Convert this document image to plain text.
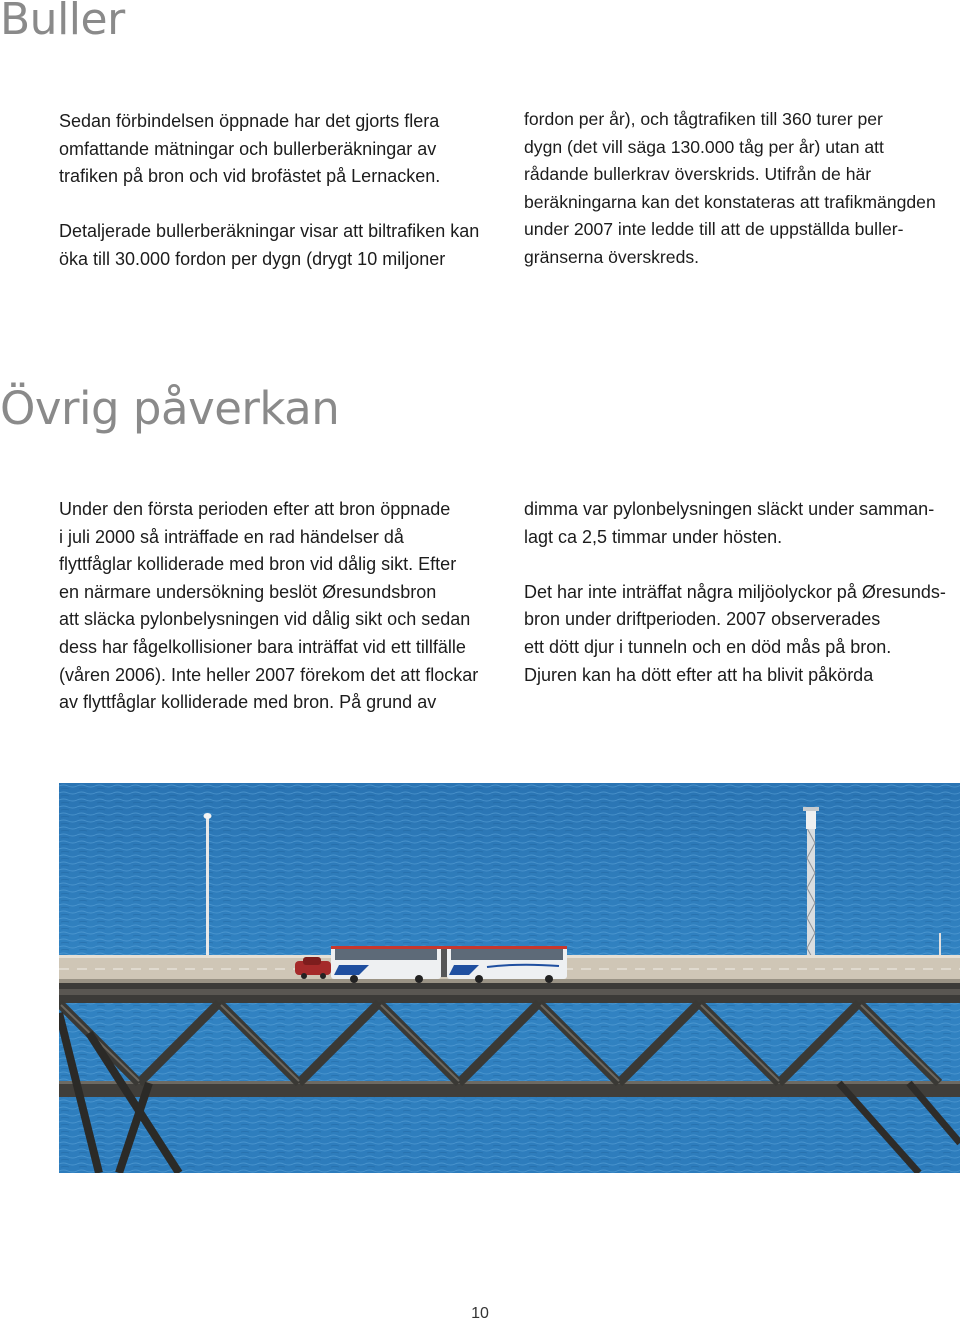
Buller
Sedan förbindelsen öppnade har det gjorts flera
omfattande mätningar och bullerberäkningar av
trafiken på bron och vid brofästet på Lernacken.

Detaljerade bullerberäkningar visar att biltrafiken kan
öka till 30.000 fordon per dygn (drygt 10 miljoner
fordon per år), och tågtrafiken till 360 turer per
dygn (det vill säga 130.000 tåg per år) utan att
rådande bullerkrav överskrids. Utifrån de här
beräkningarna kan det konstateras att trafikmängden
under 2007 inte ledde till att de uppställda buller-
gränserna överskreds.
Övrig påverkan
Under den första perioden efter att bron öppnade
i juli 2000 så inträffade en rad händelser då
flyttfåglar kolliderade med bron vid dålig sikt. Efter
en närmare undersökning beslöt Øresundsbron
att släcka pylonbelysningen vid dålig sikt och sedan
dess har fågelkollisioner bara inträffat vid ett tillfälle
(våren 2006). Inte heller 2007 förekom det att flockar
av flyttfåglar kolliderade med bron. På grund av
dimma var pylonbelysningen släckt under samman-
lagt ca 2,5 timmar under hösten.

Det har inte inträffat några miljöolyckor på Øresunds-
bron under driftperioden. 2007 observerades
ett dött djur i tunneln och en död mås på bron.
Djuren kan ha dött efter att ha blivit påkörda
10
